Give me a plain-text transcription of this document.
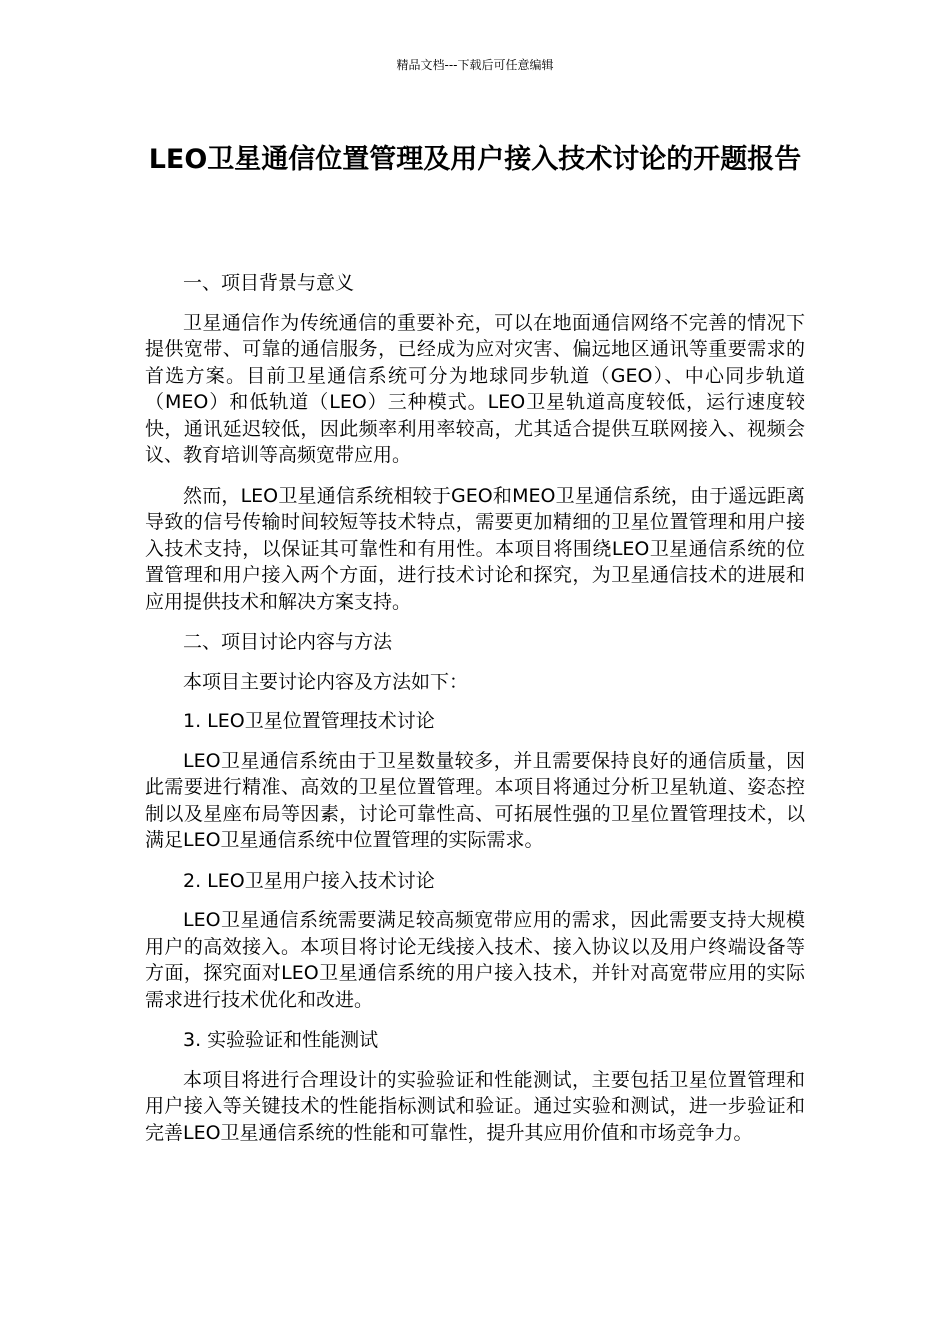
精品文档---下载后可任意编辑
LEO卫星通信位置管理及用户接入技术讨论的开题报告

一、项目背景与意义

卫星通信作为传统通信的重要补充，可以在地面通信网络不完善的情况下提供宽带、可靠的通信服务，已经成为应对灾害、偏远地区通讯等重要需求的首选方案。目前卫星通信系统可分为地球同步轨道（GEO）、中心同步轨道（MEO）和低轨道（LEO）三种模式。LEO卫星轨道高度较低，运行速度较快，通讯延迟较低，因此频率利用率较高，尤其适合提供互联网接入、视频会议、教育培训等高频宽带应用。

然而，LEO卫星通信系统相较于GEO和MEO卫星通信系统，由于遥远距离导致的信号传输时间较短等技术特点，需要更加精细的卫星位置管理和用户接入技术支持，以保证其可靠性和有用性。本项目将围绕LEO卫星通信系统的位置管理和用户接入两个方面，进行技术讨论和探究，为卫星通信技术的进展和应用提供技术和解决方案支持。

二、项目讨论内容与方法

本项目主要讨论内容及方法如下：

1. LEO卫星位置管理技术讨论

LEO卫星通信系统由于卫星数量较多，并且需要保持良好的通信质量，因此需要进行精准、高效的卫星位置管理。本项目将通过分析卫星轨道、姿态控制以及星座布局等因素，讨论可靠性高、可拓展性强的卫星位置管理技术，以满足LEO卫星通信系统中位置管理的实际需求。

2. LEO卫星用户接入技术讨论

LEO卫星通信系统需要满足较高频宽带应用的需求，因此需要支持大规模用户的高效接入。本项目将讨论无线接入技术、接入协议以及用户终端设备等方面，探究面对LEO卫星通信系统的用户接入技术，并针对高宽带应用的实际需求进行技术优化和改进。

3. 实验验证和性能测试

本项目将进行合理设计的实验验证和性能测试，主要包括卫星位置管理和用户接入等关键技术的性能指标测试和验证。通过实验和测试，进一步验证和完善LEO卫星通信系统的性能和可靠性，提升其应用价值和市场竞争力。
